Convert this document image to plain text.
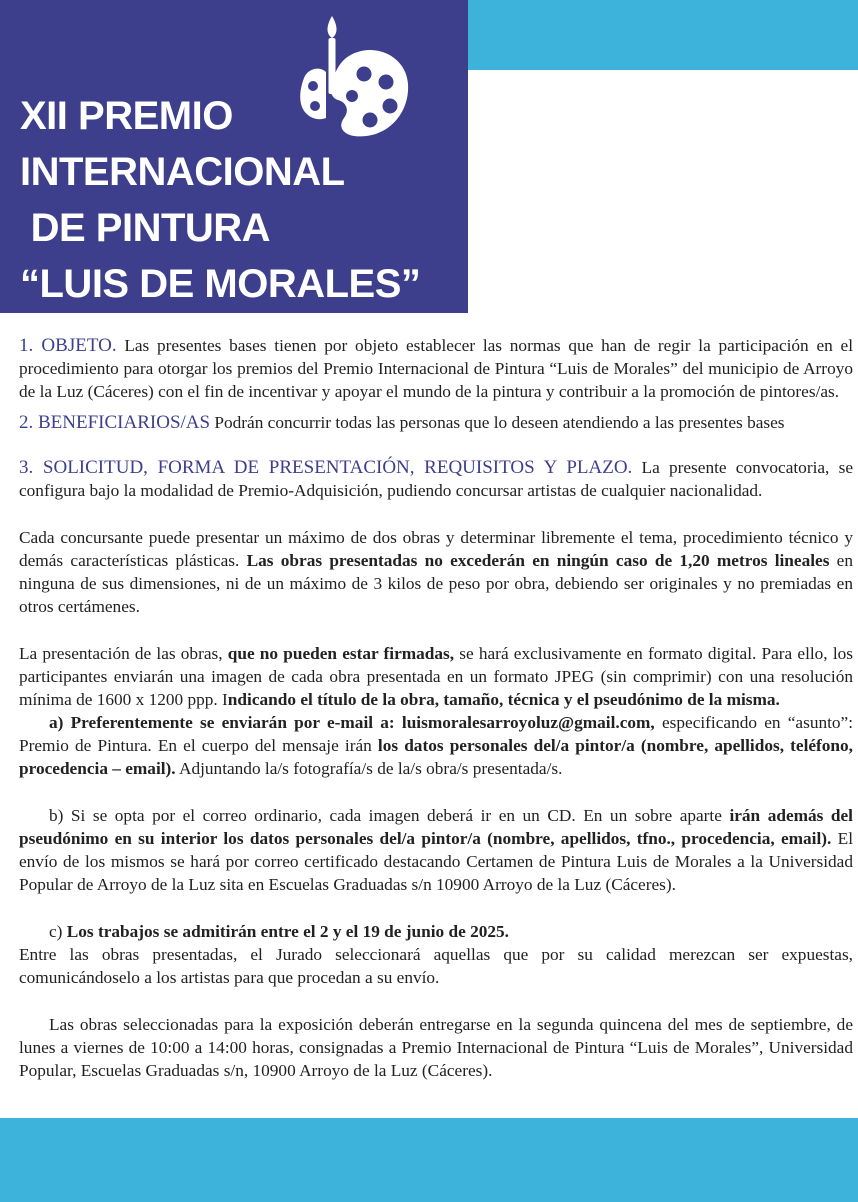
XII PREMIO
INTERNACIONAL
DE PINTURA
“LUIS DE MORALES”

1. OBJETO. Las presentes bases tienen por objeto establecer las normas que han de regir la participación en el procedimiento para otorgar los premios del Premio Internacional de Pintura “Luis de Morales” del municipio de Arroyo de la Luz (Cáceres) con el fin de incentivar y apoyar el mundo de la pintura y contribuir a la promoción de pintores/as.

2. BENEFICIARIOS/AS Podrán concurrir todas las personas que lo deseen atendiendo a las presentes bases

3. SOLICITUD, FORMA DE PRESENTACIÓN, REQUISITOS Y PLAZO. La presente convocatoria, se configura bajo la modalidad de Premio-Adquisición, pudiendo concursar artistas de cualquier nacionalidad.

Cada concursante puede presentar un máximo de dos obras y determinar libremente el tema, procedimiento técnico y demás características plásticas. Las obras presentadas no excederán en ningún caso de 1,20 metros lineales en ninguna de sus dimensiones, ni de un máximo de 3 kilos de peso por obra, debiendo ser originales y no premiadas en otros certámenes.

La presentación de las obras, que no pueden estar firmadas, se hará exclusivamente en formato digital. Para ello, los participantes enviarán una imagen de cada obra presentada en un formato JPEG (sin comprimir) con una resolución mínima de 1600 x 1200 ppp. Indicando el título de la obra, tamaño, técnica y el pseudónimo de la misma.

a) Preferentemente se enviarán por e-mail a: luismoralesarroyoluz@gmail.com, especificando en “asunto”: Premio de Pintura. En el cuerpo del mensaje irán los datos personales del/a pintor/a (nombre, apellidos, teléfono, procedencia – email). Adjuntando la/s fotografía/s de la/s obra/s presentada/s.

b) Si se opta por el correo ordinario, cada imagen deberá ir en un CD. En un sobre aparte irán además del pseudónimo en su interior los datos personales del/a pintor/a (nombre, apellidos, tfno., procedencia, email). El envío de los mismos se hará por correo certificado destacando Certamen de Pintura Luis de Morales a la Universidad Popular de Arroyo de la Luz sita en Escuelas Graduadas s/n 10900 Arroyo de la Luz (Cáceres).

c) Los trabajos se admitirán entre el 2 y el 19 de junio de 2025.

Entre las obras presentadas, el Jurado seleccionará aquellas que por su calidad merezcan ser expuestas, comunicándoselo a los artistas para que procedan a su envío.

Las obras seleccionadas para la exposición deberán entregarse en la segunda quincena del mes de septiembre, de lunes a viernes de 10:00 a 14:00 horas, consignadas a Premio Internacional de Pintura “Luis de Morales”, Universidad Popular, Escuelas Graduadas s/n, 10900 Arroyo de la Luz (Cáceres).
